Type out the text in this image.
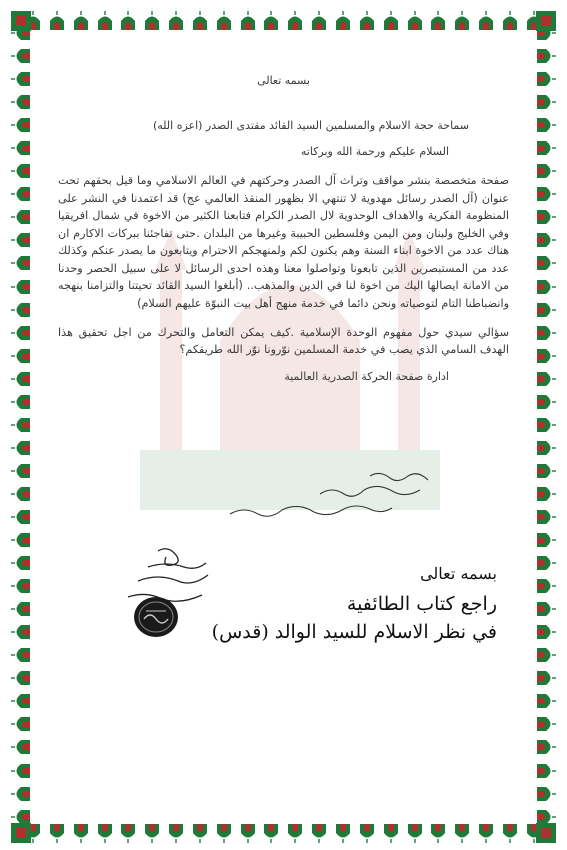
بسمه تعالى
سماحة حجة الاسلام والمسلمين السيد القائد مقتدى الصدر (اعزه الله)
السلام عليكم ورحمة الله وبركاته

صفحة متخصصة بنشر مواقف وتراث آل الصدر وحركتهم في العالم الاسلامي وما قيل بحقهم تحت عنوان (آل الصدر رسائل مهدوية لا تنتهي الا بظهور المنقذ العالمي عج) قد اعتمدنا في النشر على المنظومة الفكرية والاهداف الوحدوية لال الصدر الكرام فتابعنا الكثير من الاخوة في شمال افريقيا وفي الخليج ولبنان ومن اليمن وفلسطين الحبيبة وغيرها من البلدان .حتى تفاجئنا ببركات الاكارم ان هناك عدد من الاخوة ابناء السنة وهم يكنون لكم ولمنهجكم الاحترام ويتابعون ما يصدر عنكم وكذلك عدد من المستبصرين الذين تابعونا وتواصلوا معنا وهذه احدى الرسائل لا على سبيل الحصر وحدنا من الامانة ايصالها اليك من اخوة لنا في الدين والمذهب.. (أبلغوا السيد القائد تحيتنا والتزامنا بنهجه وانضباطنا التام لتوصياته ونحن دائما في خدمة منهج أهل بيت النبوّة عليهم السلام)

سؤالي سيدي حول مفهوم الوحدة الإسلامية .كيف يمكن التعامل والتحرك من اجل تحقيق هذا الهدف السامي الذي يصب في خدمة المسلمين نوّرونا نوّر الله طريقكم؟

ادارة صفحة الحركة الصدرية العالمية
بسمه تعالى
راجع كتاب الطائفية
في نظر الاسلام للسيد الوالد (قدس)
